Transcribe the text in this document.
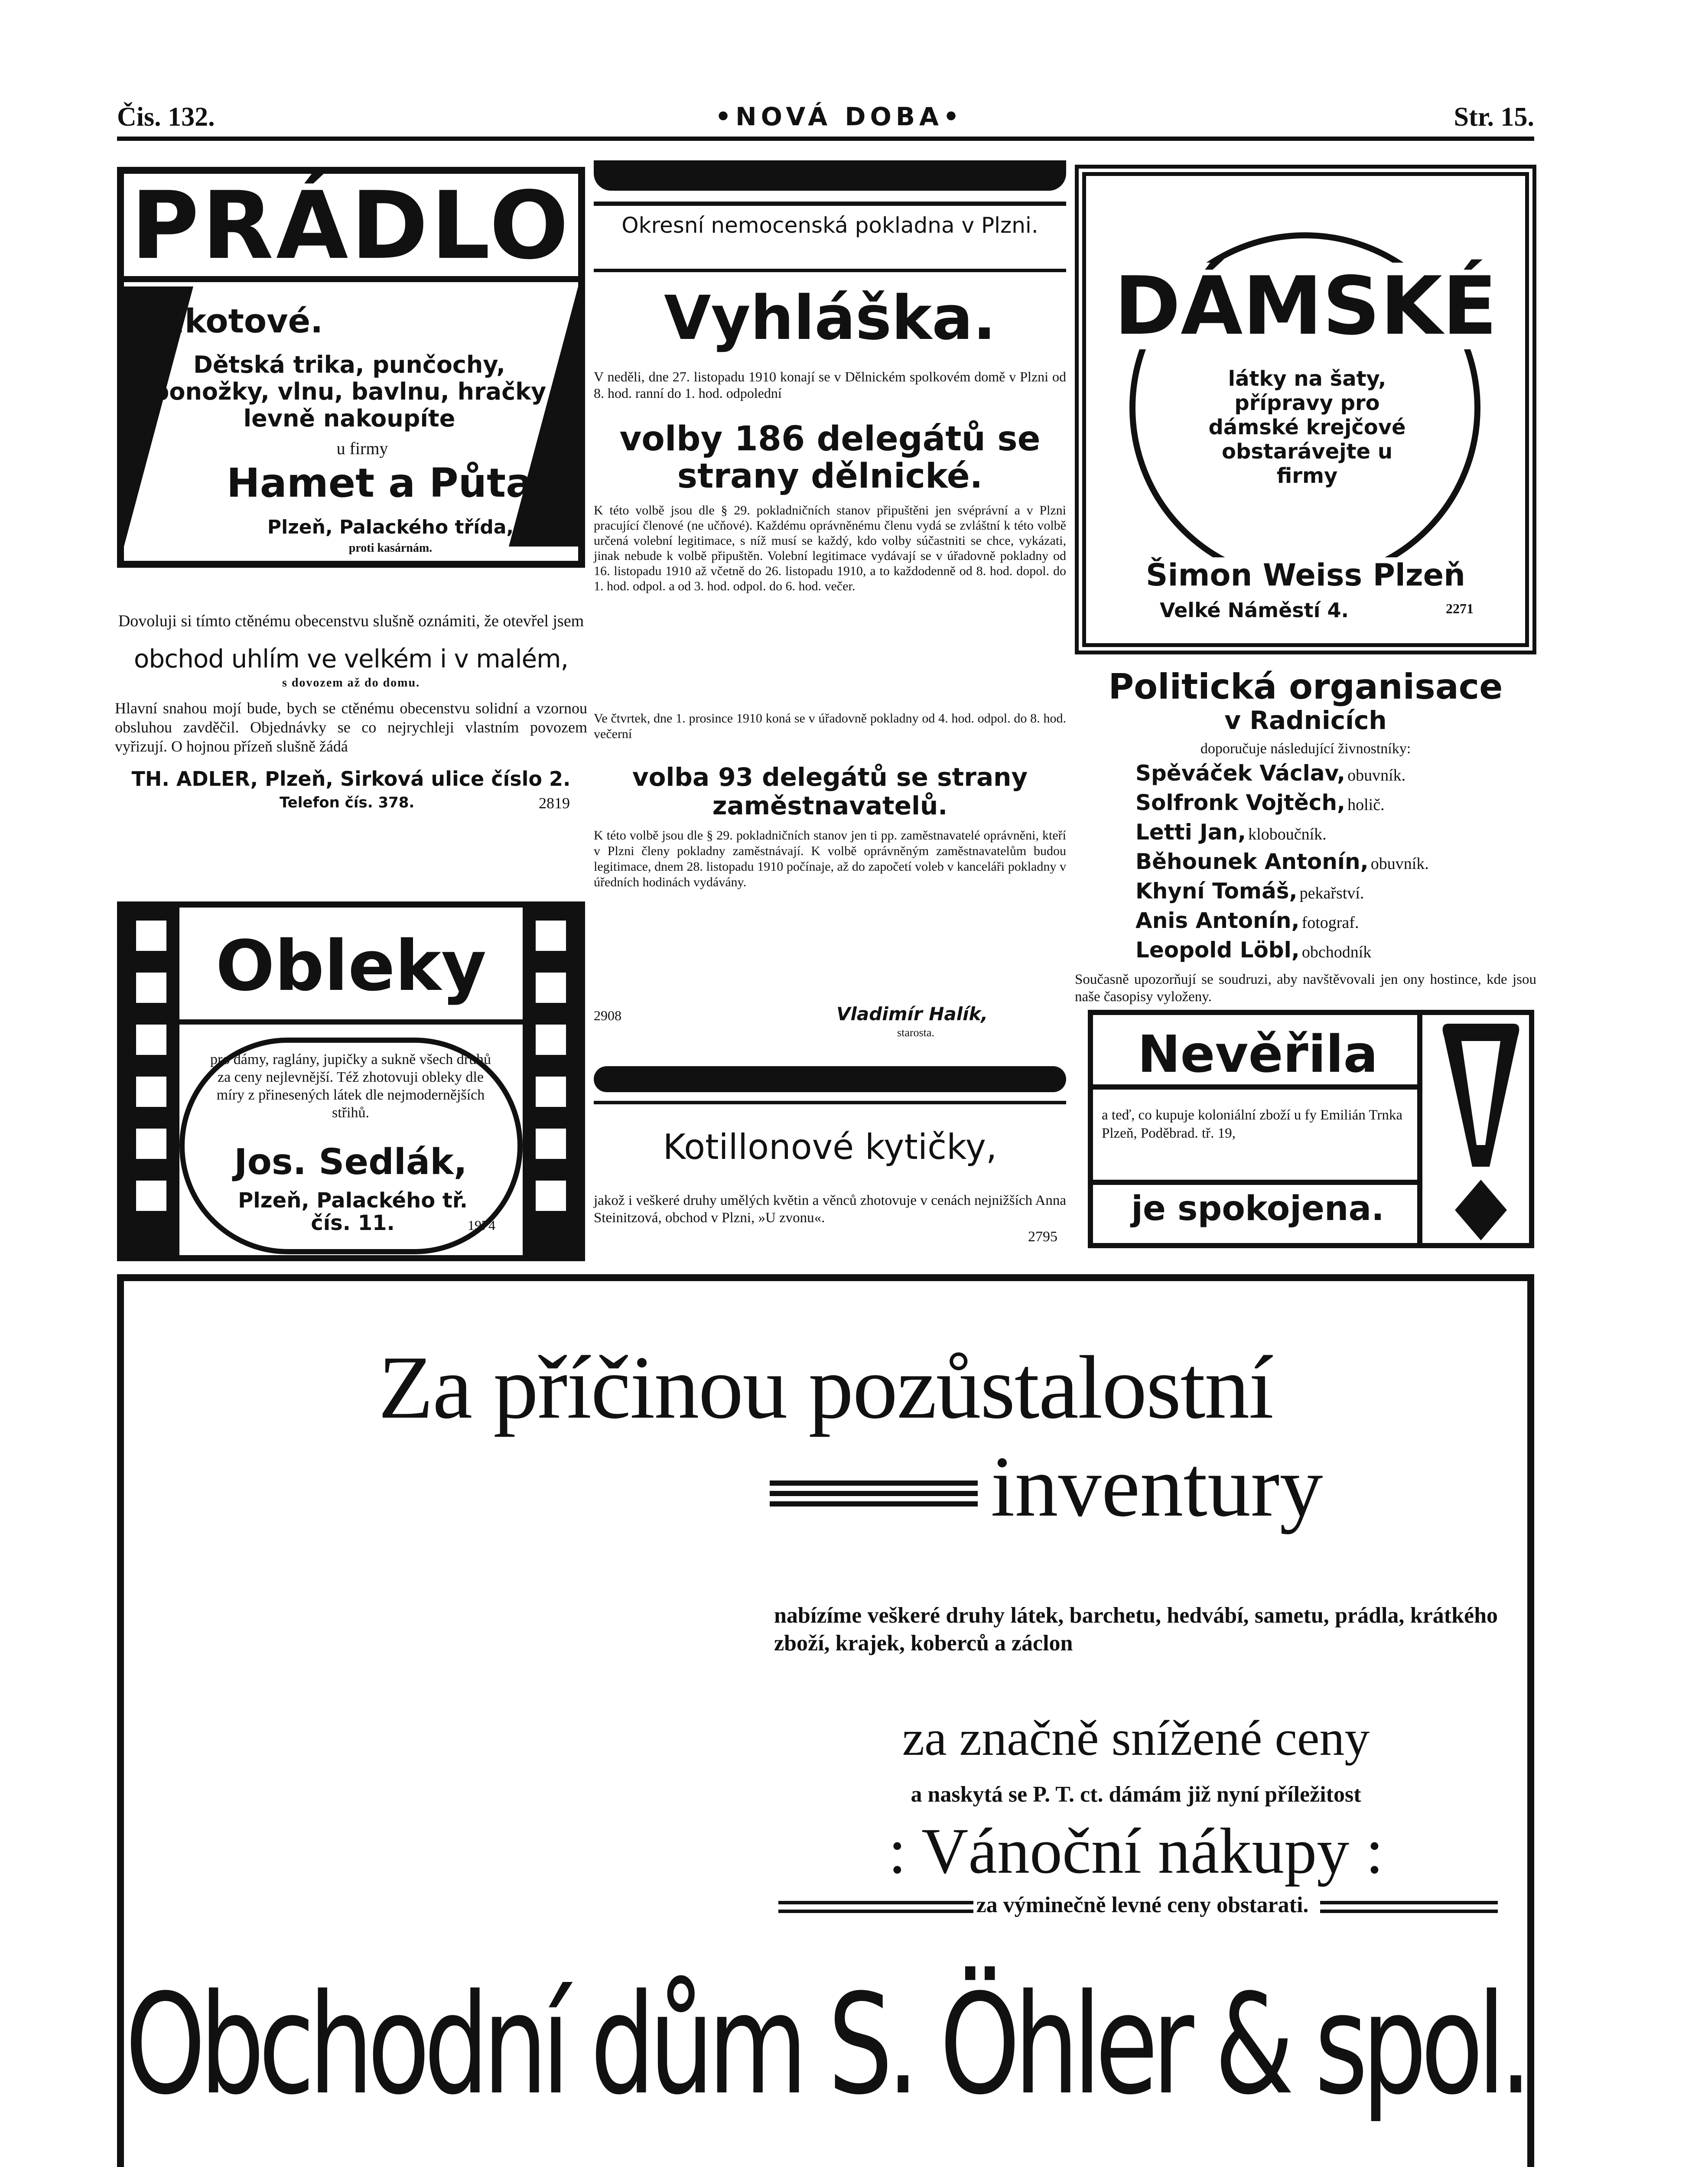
Čis. 132.	•NOVÁ DOBA•	Str. 15.
PRÁDLO
trikotové.
Dětská trika, punčochy, ponožky, vlnu, bavlnu, hračky levně nakoupíte
u firmy
Hamet a Půta
Plzeň, Palackého třída,
proti kasárnám.

Dovoluji si tímto ctěnému obecenstvu slušně oznámiti, že otevřel jsem

obchod uhlím ve velkém i v malém,

s dovozem až do domu.

Hlavní snahou mojí bude, bych se ctěnému obecenstvu solidní a vzornou obsluhou zavděčil. Objednávky se co nejrychleji vlastním povozem vyřizují. O hojnou přízeň slušně žádá

TH. ADLER, Plzeň, Sirková ulice číslo 2.

Telefon čís. 378.	2819
Obleky
pro dámy, raglány, jupičky a sukně všech druhů za ceny nejlevnější. Též zhotovuji obleky dle míry z přinesených látek dle nejmodernějších střihů.
Jos. Sedlák,
Plzeň, Palackého tř. čís. 11.	1974
Okresní nemocenská pokladna v Plzni.
Vyhláška.
V neděli, dne 27. listopadu 1910 konají se v Dělnickém spolkovém domě v Plzni od 8. hod. ranní do 1. hod. odpolední
volby 186 delegátů se strany dělnické.
K této volbě jsou dle § 29. pokladničních stanov připuštěni jen svéprávní a v Plzni pracující členové (ne učňové). Každému oprávněnému členu vydá se zvláštní k této volbě určená volební legitimace, s níž musí se každý, kdo volby súčastniti se chce, vykázati, jinak nebude k volbě připuštěn. Volební legitimace vydávají se v úřadovně pokladny od 16. listopadu 1910 až včetně do 26. listopadu 1910, a to každodenně od 8. hod. dopol. do 1. hod. odpol. a od 3. hod. odpol. do 6. hod. večer.
Ve čtvrtek, dne 1. prosince 1910 koná se v úřadovně pokladny od 4. hod. odpol. do 8. hod. večerní
volba 93 delegátů se strany zaměstnavatelů.
K této volbě jsou dle § 29. pokladničních stanov jen ti pp. zaměstnavatelé oprávněni, kteří v Plzni členy pokladny zaměstnávají. K volbě oprávněným zaměstnavatelům budou legitimace, dnem 28. listopadu 1910 počínaje, až do započetí voleb v kanceláři pokladny v úředních hodinách vydávány.
2908	Vladimír Halík,
starosta.
Kotillonové kytičky,
jakož i veškeré druhy umělých květin a věnců zhotovuje v cenách nejnižších Anna Steinitzová, obchod v Plzni, »U zvonu«.
2795
DÁMSKÉ
látky na šaty, přípravy pro dámské krejčové obstarávejte u firmy
Šimon Weiss Plzeň
Velké Náměstí 4.	2271
Politická organisace
v Radnicích
doporučuje následující živnostníky:
Spěváček Václav, obuvník.
Solfronk Vojtěch, holič.
Letti Jan, kloboučník.
Běhounek Antonín, obuvník.
Khyní Tomáš, pekařství.
Anis Antonín, fotograf.
Leopold Löbl, obchodník
Současně upozorňují se soudruzi, aby navštěvovali jen ony hostince, kde jsou naše časopisy vyloženy.
Nevěřila
a teď, co kupuje koloniální zboží u fy Emilián Trnka Plzeň, Poděbrad. tř. 19,
je spokojena.
Za příčinou pozůstalostní
inventury
nabízíme veškeré druhy látek, barchetu, hedvábí, sametu, prádla, krátkého zboží, krajek, koberců a záclon
za značně snížené ceny
a naskytá se P. T. ct. dámám již nyní příležitost
: Vánoční nákupy :
za výminečně levné ceny obstarati.
Obchodní dům S. Öhler & spol.
